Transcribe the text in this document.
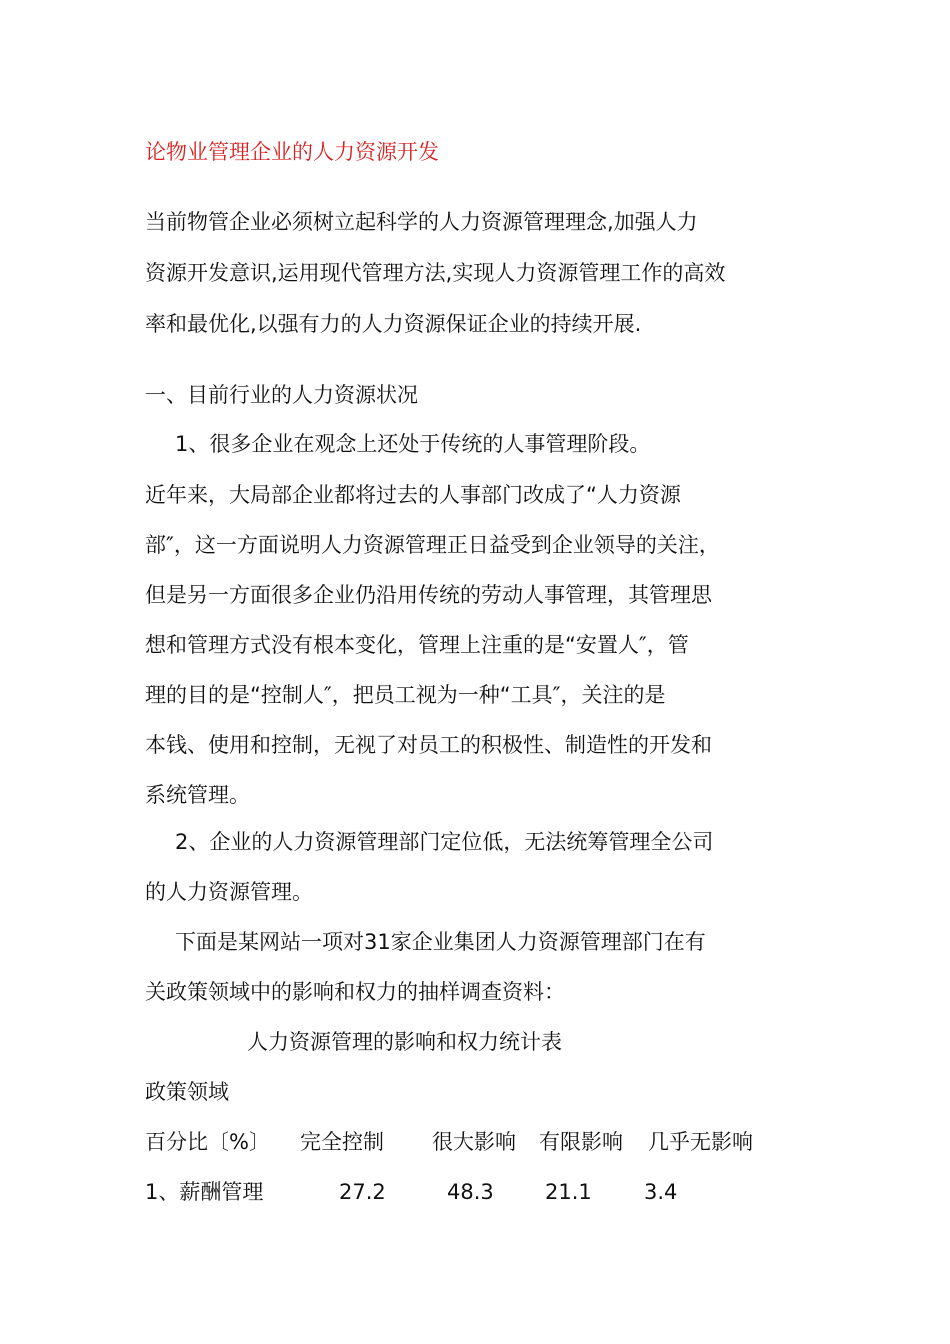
论物业管理企业的人力资源开发
当前物管企业必须树立起科学的人力资源管理理念,加强人力
资源开发意识,运用现代管理方法,实现人力资源管理工作的高效
率和最优化,以强有力的人力资源保证企业的持续开展.
一、目前行业的人力资源状况
1、很多企业在观念上还处于传统的人事管理阶段。
近年来，大局部企业都将过去的人事部门改成了“人力资源
部″，这一方面说明人力资源管理正日益受到企业领导的关注，
但是另一方面很多企业仍沿用传统的劳动人事管理，其管理思
想和管理方式没有根本变化，管理上注重的是“安置人″，管
理的目的是“控制人″，把员工视为一种“工具″，关注的是
本钱、使用和控制，无视了对员工的积极性、制造性的开发和
系统管理。
2、企业的人力资源管理部门定位低，无法统筹管理全公司
的人力资源管理。
下面是某网站一项对31家企业集团人力资源管理部门在有
关政策领域中的影响和权力的抽样调查资料：
人力资源管理的影响和权力统计表
政策领域
百分比〔%〕 完全控制 很大影响 有限影响 几乎无影响
1、薪酬管理	27.2	48.3 21.1 3.4
